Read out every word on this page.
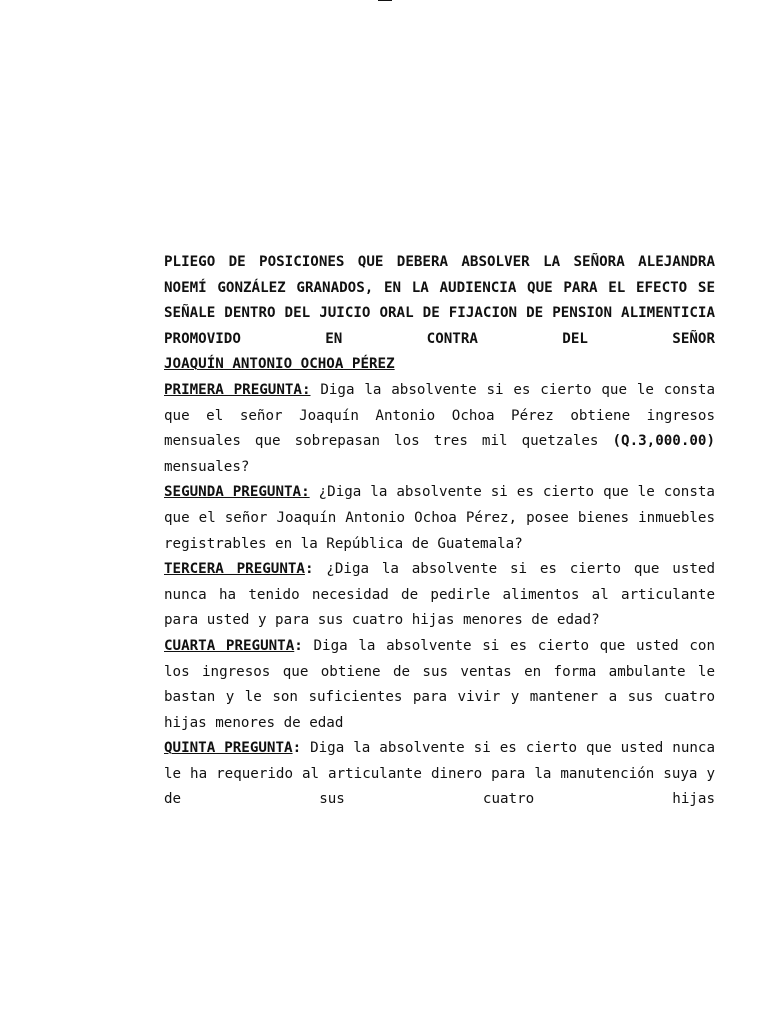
PLIEGO DE POSICIONES QUE DEBERA ABSOLVER LA SEÑORA ALEJANDRA NOEMÍ GONZÁLEZ GRANADOS, EN LA AUDIENCIA QUE PARA EL EFECTO SE SEÑALE DENTRO DEL JUICIO ORAL DE FIJACION DE PENSION ALIMENTICIA PROMOVIDO EN CONTRA DEL SEÑOR

JOAQUÍN ANTONIO OCHOA PÉREZ

PRIMERA PREGUNTA: Diga la absolvente si es cierto que le consta que el señor Joaquín Antonio Ochoa Pérez obtiene ingresos mensuales que sobrepasan los tres mil quetzales (Q.3,000.00) mensuales?

SEGUNDA PREGUNTA: ¿Diga la absolvente si es cierto que le consta que el señor Joaquín Antonio Ochoa Pérez, posee bienes inmuebles registrables en la República de Guatemala?

TERCERA PREGUNTA: ¿Diga la absolvente si es cierto que usted nunca ha tenido necesidad de pedirle alimentos al articulante para usted y para sus cuatro hijas menores de edad?

CUARTA PREGUNTA: Diga la absolvente si es cierto que usted con los ingresos que obtiene de sus ventas en forma ambulante le bastan y le son suficientes para vivir y mantener a sus cuatro hijas menores de edad

QUINTA PREGUNTA: Diga la absolvente si es cierto que usted nunca le ha requerido al articulante dinero para la manutención suya y de sus cuatro hijas
